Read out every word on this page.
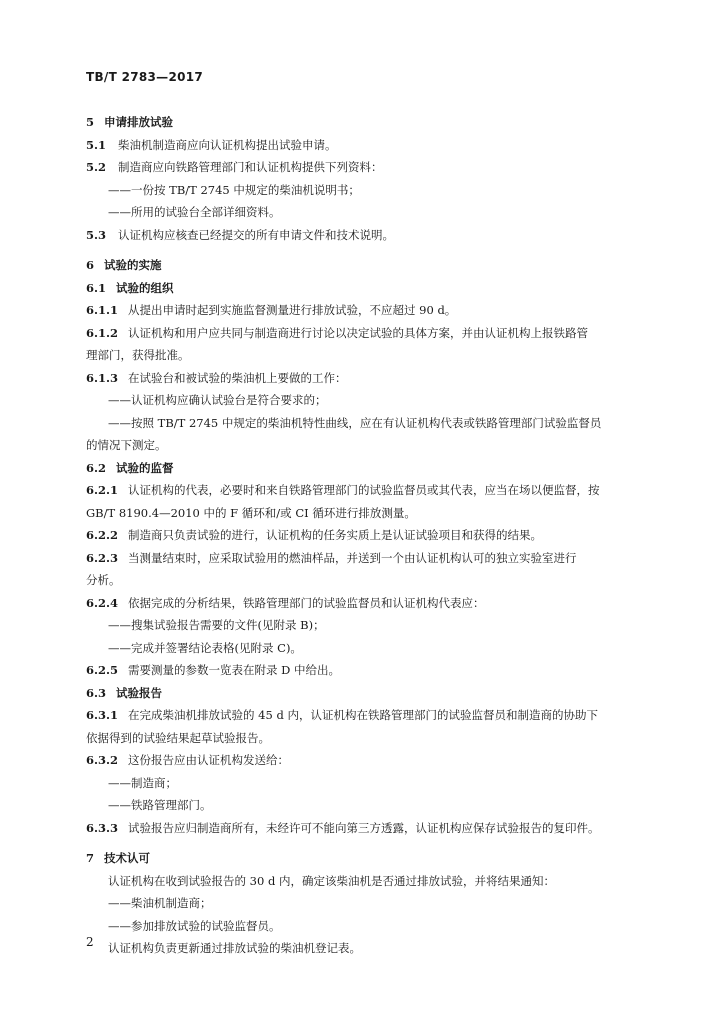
TB/T 2783—2017
5 申请排放试验
5.1 柴油机制造商应向认证机构提出试验申请。
5.2 制造商应向铁路管理部门和认证机构提供下列资料：
——一份按 TB/T 2745 中规定的柴油机说明书；
——所用的试验台全部详细资料。
5.3 认证机构应核查已经提交的所有申请文件和技术说明。
6 试验的实施
6.1 试验的组织
6.1.1 从提出申请时起到实施监督测量进行排放试验，不应超过 90 d。
6.1.2 认证机构和用户应共同与制造商进行讨论以决定试验的具体方案，并由认证机构上报铁路管
理部门，获得批准。
6.1.3 在试验台和被试验的柴油机上要做的工作：
——认证机构应确认试验台是符合要求的；
——按照 TB/T 2745 中规定的柴油机特性曲线，应在有认证机构代表或铁路管理部门试验监督员
的情况下测定。
6.2 试验的监督
6.2.1 认证机构的代表，必要时和来自铁路管理部门的试验监督员或其代表，应当在场以便监督，按
GB/T 8190.4—2010 中的 F 循环和/或 CI 循环进行排放测量。
6.2.2 制造商只负责试验的进行，认证机构的任务实质上是认证试验项目和获得的结果。
6.2.3 当测量结束时，应采取试验用的燃油样品，并送到一个由认证机构认可的独立实验室进行
分析。
6.2.4 依据完成的分析结果，铁路管理部门的试验监督员和认证机构代表应：
——搜集试验报告需要的文件(见附录 B)；
——完成并签署结论表格(见附录 C)。
6.2.5 需要测量的参数一览表在附录 D 中给出。
6.3 试验报告
6.3.1 在完成柴油机排放试验的 45 d 内，认证机构在铁路管理部门的试验监督员和制造商的协助下
依据得到的试验结果起草试验报告。
6.3.2 这份报告应由认证机构发送给：
——制造商；
——铁路管理部门。
6.3.3 试验报告应归制造商所有，未经许可不能向第三方透露，认证机构应保存试验报告的复印件。
7 技术认可
认证机构在收到试验报告的 30 d 内，确定该柴油机是否通过排放试验，并将结果通知：
——柴油机制造商；
——参加排放试验的试验监督员。
认证机构负责更新通过排放试验的柴油机登记表。
2
